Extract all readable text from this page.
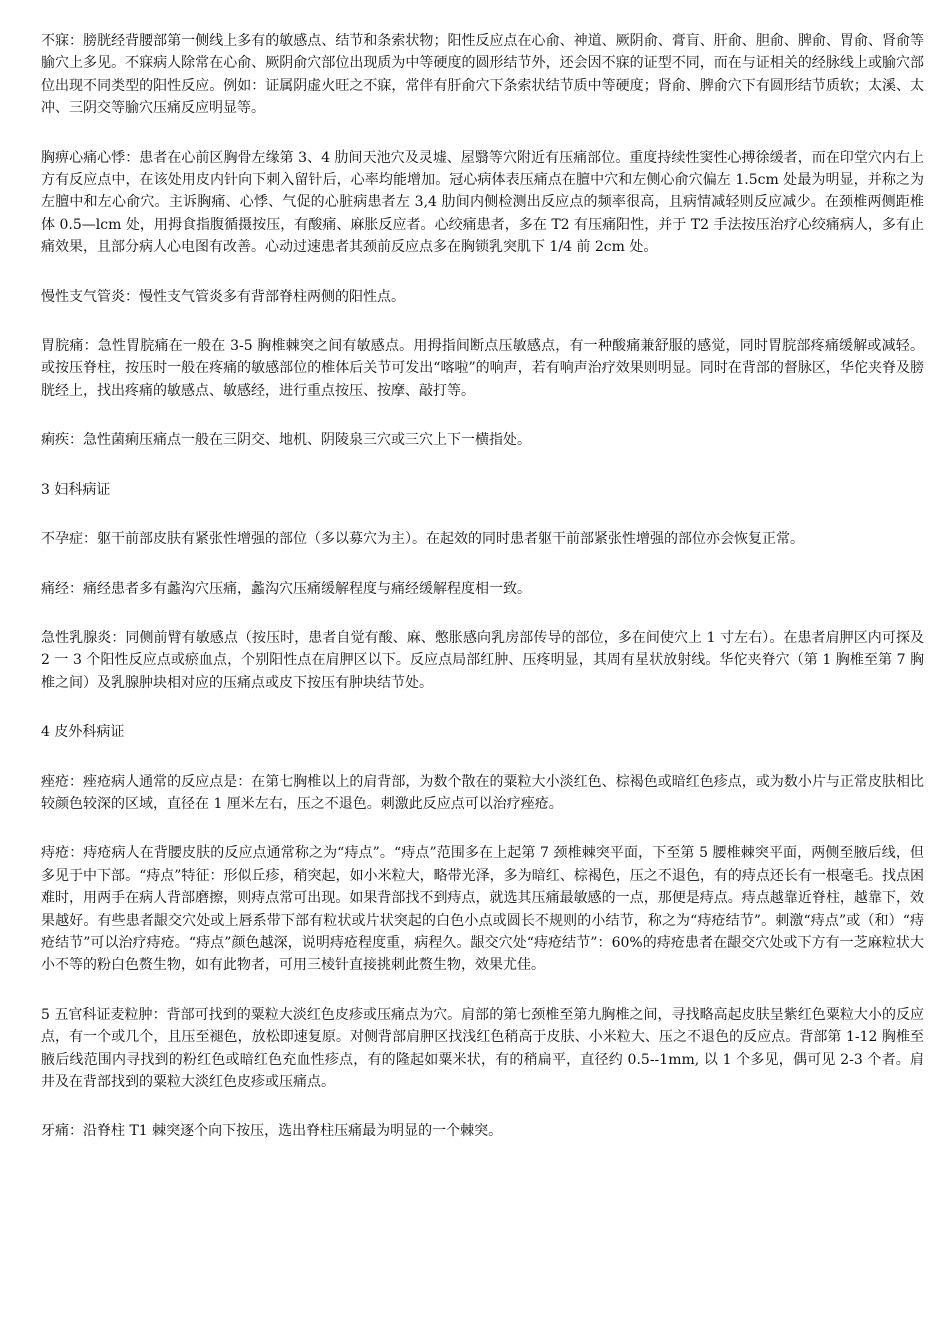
不寐：膀胱经背腰部第一侧线上多有的敏感点、结节和条索状物；阳性反应点在心俞、神道、厥阴俞、膏肓、肝俞、胆俞、脾俞、胃俞、肾俞等腧穴上多见。不寐病人除常在心俞、厥阴俞穴部位出现质为中等硬度的圆形结节外，还会因不寐的证型不同，而在与证相关的经脉线上或腧穴部位出现不同类型的阳性反应。例如：证属阴虚火旺之不寐，常伴有肝俞穴下条索状结节质中等硬度；肾俞、脾俞穴下有圆形结节质软；太溪、太冲、三阴交等腧穴压痛反应明显等。

胸痹心痛心悸：患者在心前区胸骨左缘第 3、4 肋间天池穴及灵墟、屋翳等穴附近有压痛部位。重度持续性窦性心搏徐缓者，而在印堂穴内右上方有反应点中，在该处用皮内针向下刺入留针后，心率均能增加。冠心病体表压痛点在膻中穴和左侧心俞穴偏左 1.5cm 处最为明显，并称之为左膻中和左心俞穴。主诉胸痛、心悸、气促的心脏病患者左 3,4 肋间内侧检测出反应点的频率很高，且病情减轻则反应减少。在颈椎两侧距椎体 0.5—lcm 处，用拇食指腹循摄按压，有酸痛、麻胀反应者。心绞痛患者，多在 T2 有压痛阳性，并于 T2 手法按压治疗心绞痛病人，多有止痛效果，且部分病人心电图有改善。心动过速患者其颈前反应点多在胸锁乳突肌下 1/4 前 2cm 处。

慢性支气管炎：慢性支气管炎多有背部脊柱两侧的阳性点。

胃脘痛：急性胃脘痛在一般在 3-5 胸椎棘突之间有敏感点。用拇指间断点压敏感点，有一种酸痛兼舒服的感觉，同时胃脘部疼痛缓解或减轻。或按压脊柱，按压时一般在疼痛的敏感部位的椎体后关节可发出“喀啦”的响声，若有响声治疗效果则明显。同时在背部的督脉区，华佗夹脊及膀胱经上，找出疼痛的敏感点、敏感经，进行重点按压、按摩、敲打等。

痢疾：急性菌痢压痛点一般在三阴交、地机、阴陵泉三穴或三穴上下一横指处。

3 妇科病证

不孕症：躯干前部皮肤有紧张性增强的部位（多以募穴为主）。在起效的同时患者躯干前部紧张性增强的部位亦会恢复正常。

痛经：痛经患者多有蠡沟穴压痛，蠡沟穴压痛缓解程度与痛经缓解程度相一致。

急性乳腺炎：同侧前臂有敏感点（按压时，患者自觉有酸、麻、憋胀感向乳房部传导的部位，多在间使穴上 1 寸左右）。在患者肩胛区内可探及 2 一 3 个阳性反应点或瘀血点，个别阳性点在肩胛区以下。反应点局部红肿、压疼明显，其周有星状放射线。华佗夹脊穴（第 1 胸椎至第 7 胸椎之间）及乳腺肿块相对应的压痛点或皮下按压有肿块结节处。

4 皮外科病证

痤疮：痤疮病人通常的反应点是：在第七胸椎以上的肩背部，为数个散在的粟粒大小淡红色、棕褐色或暗红色疹点，或为数小片与正常皮肤相比较颜色较深的区域，直径在 1 厘米左右，压之不退色。刺激此反应点可以治疗痤疮。

痔疮：痔疮病人在背腰皮肤的反应点通常称之为“痔点”。“痔点”范围多在上起第 7 颈椎棘突平面，下至第 5 腰椎棘突平面，两侧至腋后线，但多见于中下部。“痔点”特征：形似丘疹，稍突起，如小米粒大，略带光泽，多为暗红、棕褐色，压之不退色，有的痔点还长有一根毫毛。找点困难时，用两手在病人背部磨擦，则痔点常可出现。如果背部找不到痔点，就选其压痛最敏感的一点，那便是痔点。痔点越靠近脊柱，越靠下，效果越好。有些患者龈交穴处或上唇系带下部有粒状或片状突起的白色小点或圆长不规则的小结节，称之为“痔疮结节”。刺激“痔点”或（和）“痔疮结节”可以治疗痔疮。“痔点”颜色越深，说明痔疮程度重，病程久。龈交穴处“痔疮结节”：60%的痔疮患者在龈交穴处或下方有一芝麻粒状大小不等的粉白色赘生物，如有此物者，可用三棱针直接挑刺此赘生物，效果尤佳。

5 五官科证麦粒肿：背部可找到的粟粒大淡红色皮疹或压痛点为穴。肩部的第七颈椎至第九胸椎之间，寻找略高起皮肤呈紫红色粟粒大小的反应点，有一个或几个，且压至褪色，放松即速复原。对侧背部肩胛区找浅红色稍高于皮肤、小米粒大、压之不退色的反应点。背部第 1-12 胸椎至腋后线范围内寻找到的粉红色或暗红色充血性疹点，有的隆起如粟米状，有的稍扁平，直径约 0.5--1mm, 以 1 个多见，偶可见 2-3 个者。肩井及在背部找到的粟粒大淡红色皮疹或压痛点。

牙痛：沿脊柱 T1 棘突逐个向下按压，选出脊柱压痛最为明显的一个棘突。
